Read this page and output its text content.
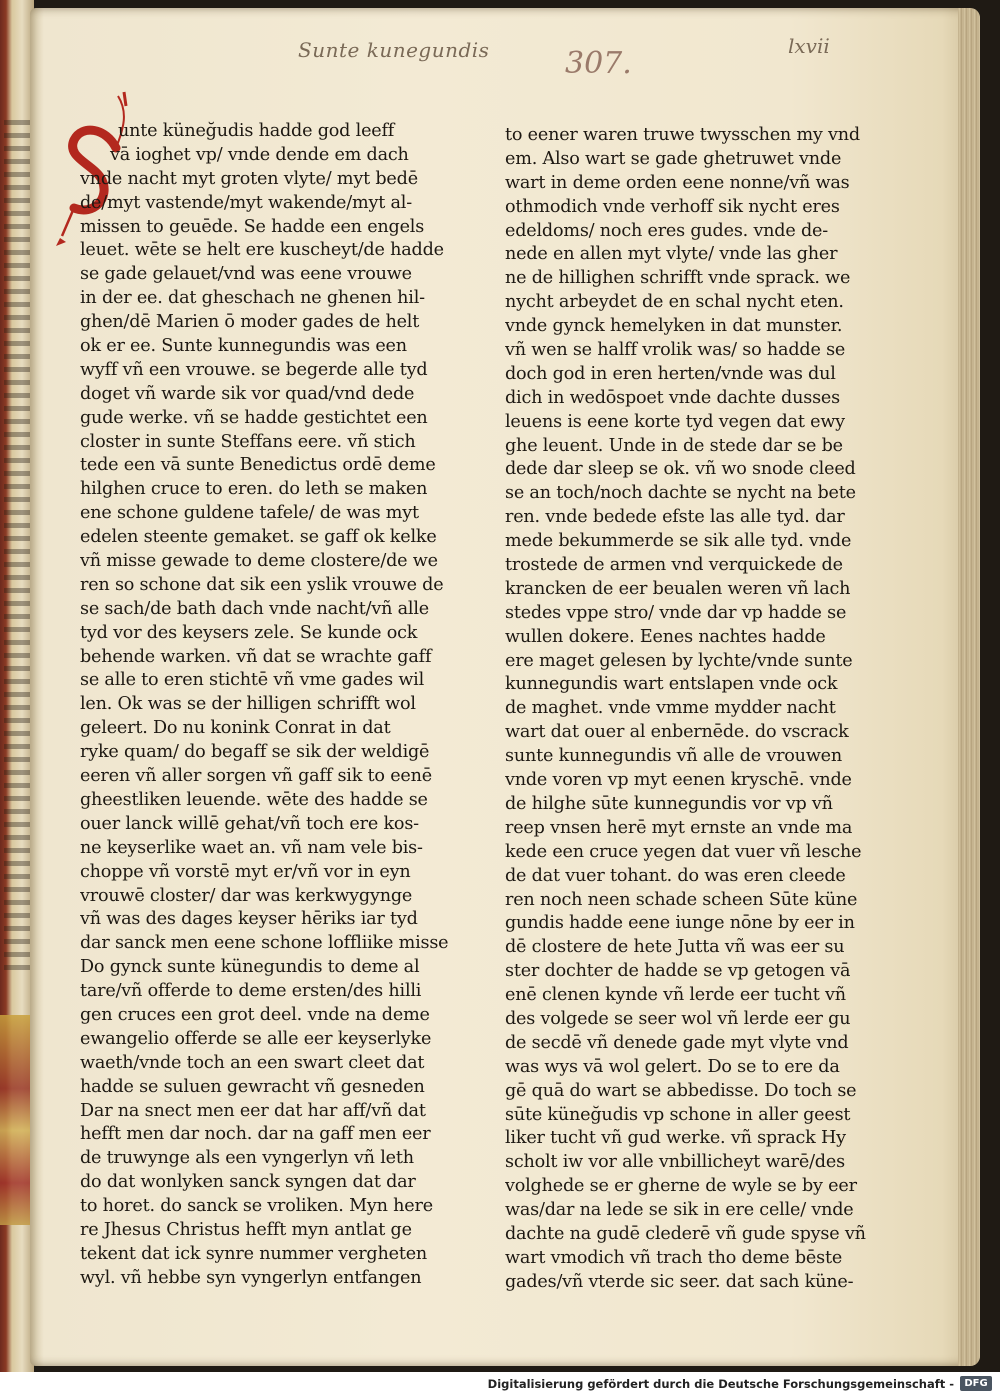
Sunte kunegundis	307.	lxvii
unte küneğudis hadde god leeff
vā ioghet vp/ vnde dende em dach
vnde nacht myt groten vlyte/ myt bedē
de/myt vastende/myt wakende/myt al-
missen to geuēde. Se hadde een engels
leuet. wēte se helt ere kuscheyt/de hadde
se gade gelauet/vnd was eene vrouwe
in der ee. dat gheschach ne ghenen hil-
ghen/dē Marien ō moder gades de helt
ok er ee. Sunte kunnegundis was een
wyff vñ een vrouwe. se begerde alle tyd
doget vñ warde sik vor quad/vnd dede
gude werke. vñ se hadde gestichtet een
closter in sunte Steffans eere. vñ stich
tede een vā sunte Benedictus ordē deme
hilghen cruce to eren. do leth se maken
ene schone guldene tafele/ de was myt
edelen steente gemaket. se gaff ok kelke
vñ misse gewade to deme clostere/de we
ren so schone dat sik een yslik vrouwe de
se sach/de bath dach vnde nacht/vñ alle
tyd vor des keysers zele. Se kunde ock
behende warken. vñ dat se wrachte gaff
se alle to eren stichtē vñ vme gades wil
len. Ok was se der hilligen schrifft wol
geleert. Do nu konink Conrat in dat
ryke quam/ do begaff se sik der weldigē
eeren vñ aller sorgen vñ gaff sik to eenē
gheestliken leuende. wēte des hadde se
ouer lanck willē gehat/vñ toch ere kos-
ne keyserlike waet an. vñ nam vele bis-
choppe vñ vorstē myt er/vñ vor in eyn
vrouwē closter/ dar was kerkwygynge
vñ was des dages keyser hēriks iar tyd
dar sanck men eene schone loffliike misse
Do gynck sunte künegundis to deme al
tare/vñ offerde to deme ersten/des hilli
gen cruces een grot deel. vnde na deme
ewangelio offerde se alle eer keyserlyke
waeth/vnde toch an een swart cleet dat
hadde se suluen gewracht vñ gesneden
Dar na snect men eer dat har aff/vñ dat
hefft men dar noch. dar na gaff men eer
de truwynge als een vyngerlyn vñ leth
do dat wonlyken sanck syngen dat dar
to horet. do sanck se vroliken. Myn here
re Jhesus Christus hefft myn antlat ge
tekent dat ick synre nummer vergheten
wyl. vñ hebbe syn vyngerlyn entfangen
to eener waren truwe twysschen my vnd
em. Also wart se gade ghetruwet vnde
wart in deme orden eene nonne/vñ was
othmodich vnde verhoff sik nycht eres
edeldoms/ noch eres gudes. vnde de-
nede en allen myt vlyte/ vnde las gher
ne de hillighen schrifft vnde sprack. we
nycht arbeydet de en schal nycht eten.
vnde gynck hemelyken in dat munster.
vñ wen se halff vrolik was/ so hadde se
doch god in eren herten/vnde was dul
dich in wedōspoet vnde dachte dusses
leuens is eene korte tyd vegen dat ewy
ghe leuent. Unde in de stede dar se be
dede dar sleep se ok. vñ wo snode cleed
se an toch/noch dachte se nycht na bete
ren. vnde bedede efste las alle tyd. dar
mede bekummerde se sik alle tyd. vnde
trostede de armen vnd verquickede de
krancken de eer beualen weren vñ lach
stedes vppe stro/ vnde dar vp hadde se
wullen dokere. Eenes nachtes hadde
ere maget gelesen by lychte/vnde sunte
kunnegundis wart entslapen vnde ock
de maghet. vnde vmme mydder nacht
wart dat ouer al enbernēde. do vscrack
sunte kunnegundis vñ alle de vrouwen
vnde voren vp myt eenen kryschē. vnde
de hilghe sūte kunnegundis vor vp vñ
reep vnsen herē myt ernste an vnde ma
kede een cruce yegen dat vuer vñ lesche
de dat vuer tohant. do was eren cleede
ren noch neen schade scheen Sūte küne
gundis hadde eene iunge nōne by eer in
dē clostere de hete Jutta vñ was eer su
ster dochter de hadde se vp getogen vā
enē clenen kynde vñ lerde eer tucht vñ
des volgede se seer wol vñ lerde eer gu
de secdē vñ denede gade myt vlyte vnd
was wys vā wol gelert. Do se to ere da
gē quā do wart se abbedisse. Do toch se
sūte küneğudis vp schone in aller geest
liker tucht vñ gud werke. vñ sprack Hy
scholt iw vor alle vnbillicheyt warē/des
volghede se er gherne de wyle se by eer
was/dar na lede se sik in ere celle/ vnde
dachte na gudē clederē vñ gude spyse vñ
wart vmodich vñ trach tho deme bēste
gades/vñ vterde sic seer. dat sach küne-
Digitalisierung gefördert durch die Deutsche Forschungsgemeinschaft -	DFG
